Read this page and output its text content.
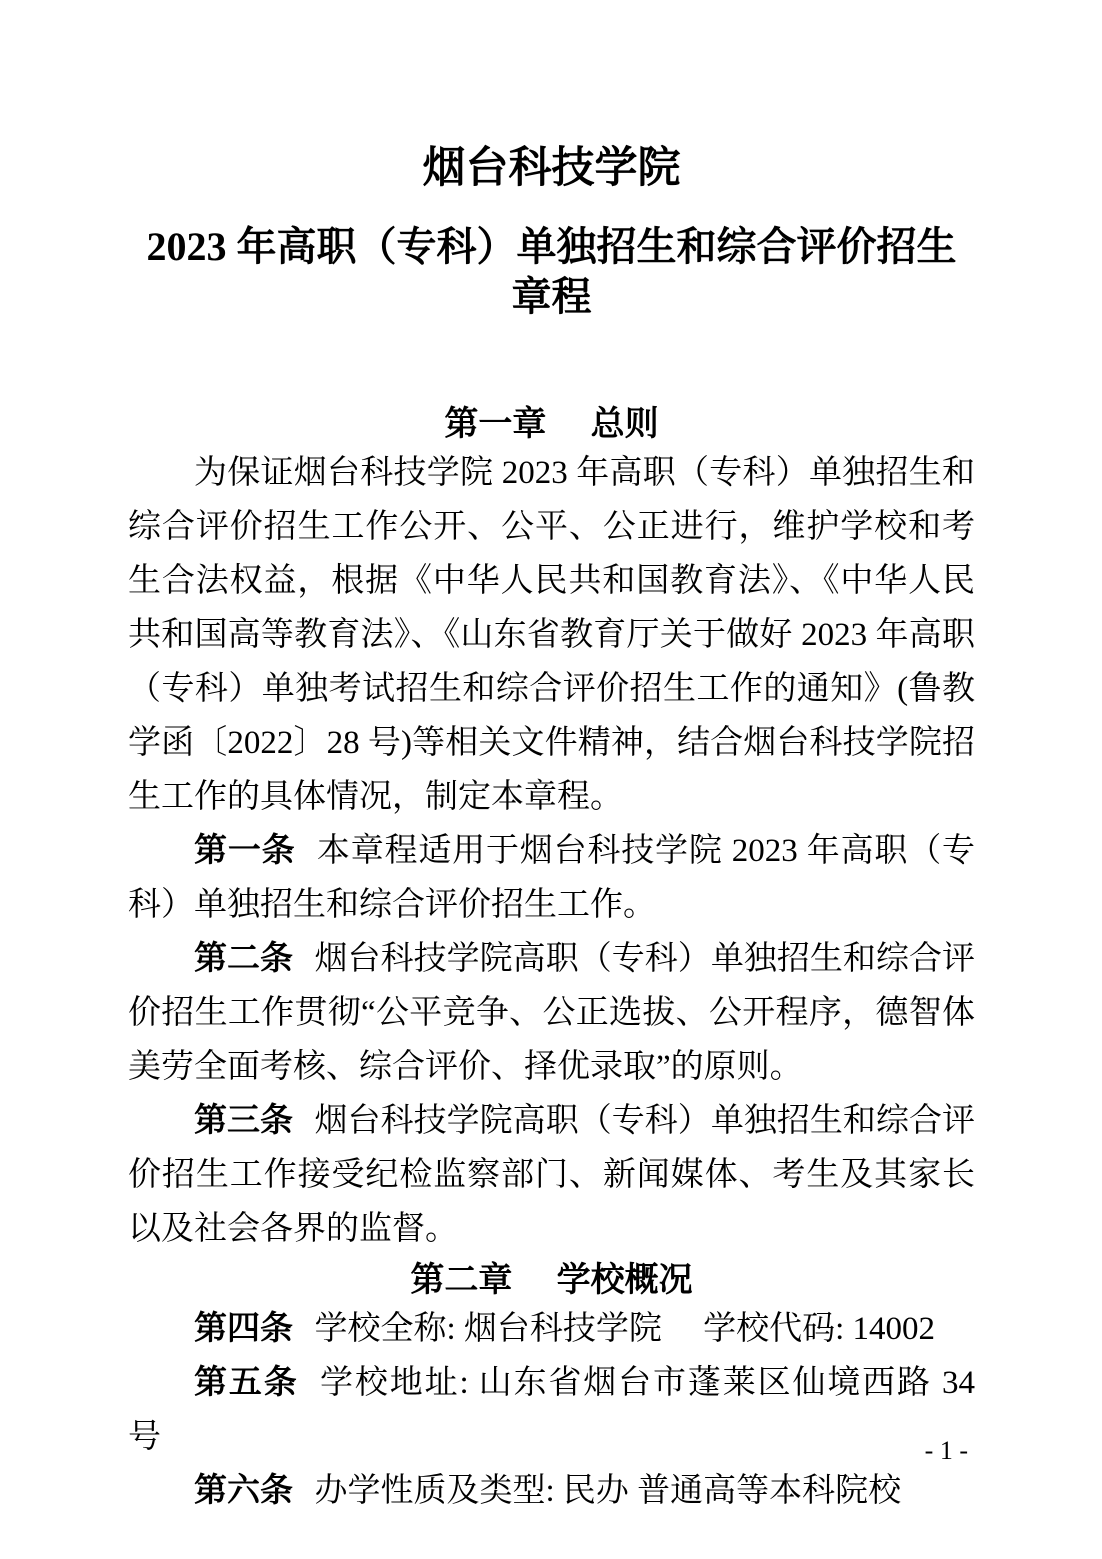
烟台科技学院
2023 年高职（专科）单独招生和综合评价招生章程
第一章 总则

为保证烟台科技学院 2023 年高职（专科）单独招生和综合评价招生工作公开、公平、公正进行，维护学校和考生合法权益，根据《中华人民共和国教育法》、《中华人民共和国高等教育法》、《山东省教育厅关于做好 2023 年高职（专科）单独考试招生和综合评价招生工作的通知》(鲁教学函〔2022〕28 号)等相关文件精神，结合烟台科技学院招生工作的具体情况，制定本章程。

第一条 本章程适用于烟台科技学院 2023 年高职（专科）单独招生和综合评价招生工作。

第二条 烟台科技学院高职（专科）单独招生和综合评价招生工作贯彻“公平竞争、公正选拔、公开程序，德智体美劳全面考核、综合评价、择优录取”的原则。

第三条 烟台科技学院高职（专科）单独招生和综合评价招生工作接受纪检监察部门、新闻媒体、考生及其家长以及社会各界的监督。

第二章 学校概况

第四条 学校全称: 烟台科技学院　 学校代码: 14002

第五条 学校地址: 山东省烟台市蓬莱区仙境西路 34 号

第六条 办学性质及类型: 民办 普通高等本科院校

- 1 -
